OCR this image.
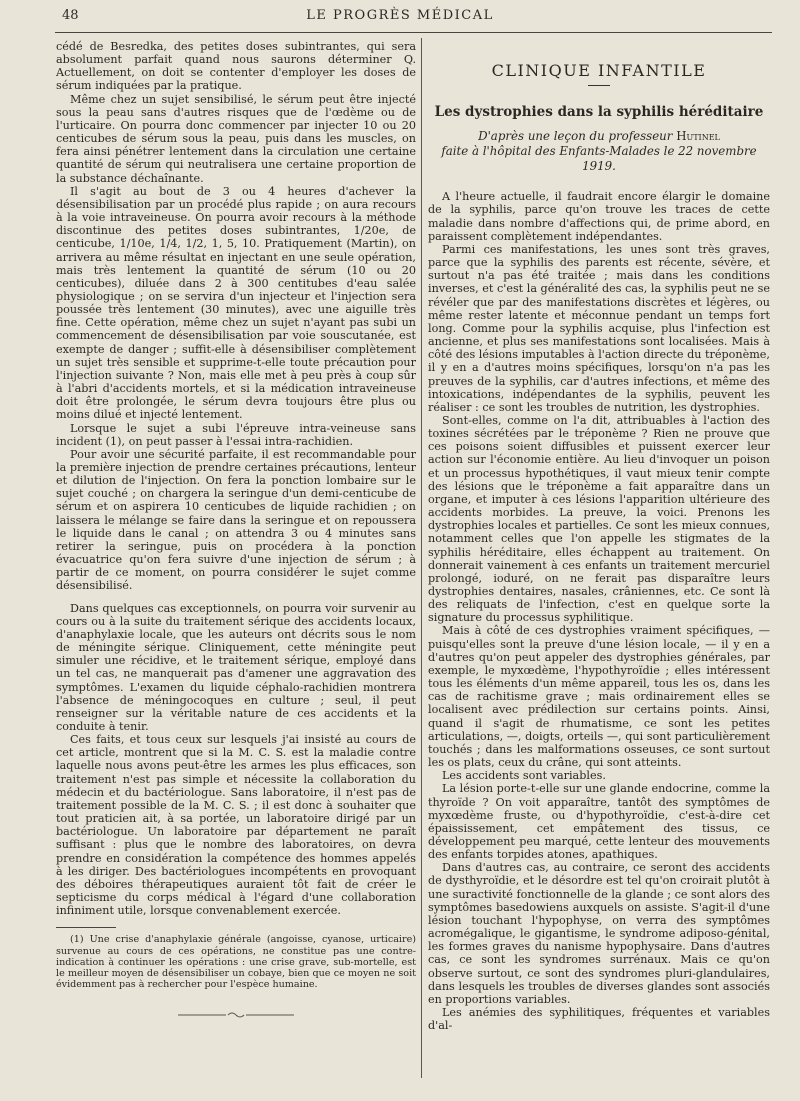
48	LE PROGRÈS MÉDICAL

cédé de Besredka, des petites doses subintrantes, qui sera absolument parfait quand nous saurons déterminer Q. Actuellement, on doit se contenter d'employer les doses de sérum indiquées par la pratique.

Même chez un sujet sensibilisé, le sérum peut être injecté sous la peau sans d'autres risques que de l'œdème ou de l'urticaire. On pourra donc commencer par injecter 10 ou 20 centicubes de sérum sous la peau, puis dans les muscles, on fera ainsi pénétrer lentement dans la circulation une certaine quantité de sérum qui neutralisera une certaine proportion de la substance déchaînante.

Il s'agit au bout de 3 ou 4 heures d'achever la désensibilisation par un procédé plus rapide ; on aura recours à la voie intraveineuse. On pourra avoir recours à la méthode discontinue des petites doses subintrantes, 1/20e, de centicube, 1/10e, 1/4, 1/2, 1, 5, 10. Pratiquement (Martin), on arrivera au même résultat en injectant en une seule opération, mais très lentement la quantité de sérum (10 ou 20 centicubes), diluée dans 2 à 300 centitubes d'eau salée physiologique ; on se servira d'un injecteur et l'injection sera poussée très lentement (30 minutes), avec une aiguille très fine. Cette opération, même chez un sujet n'ayant pas subi un commencement de désensibilisation par voie souscutanée, est exempte de danger ; suffit-elle à désensibiliser complètement un sujet très sensible et supprime-t-elle toute précaution pour l'injection suivante ? Non, mais elle met à peu près à coup sûr à l'abri d'accidents mortels, et si la médication intraveineuse doit être prolongée, le sérum devra toujours être plus ou moins dilué et injecté lentement.

Lorsque le sujet a subi l'épreuve intra-veineuse sans incident (1), on peut passer à l'essai intra-rachidien.

Pour avoir une sécurité parfaite, il est recommandable pour la première injection de prendre certaines précautions, lenteur et dilution de l'injection. On fera la ponction lombaire sur le sujet couché ; on chargera la seringue d'un demi-centicube de sérum et on aspirera 10 centicubes de liquide rachidien ; on laissera le mélange se faire dans la seringue et on repoussera le liquide dans le canal ; on attendra 3 ou 4 minutes sans retirer la seringue, puis on procédera à la ponction évacuatrice qu'on fera suivre d'une injection de sérum ; à partir de ce moment, on pourra considérer le sujet comme désensibilisé.

Dans quelques cas exceptionnels, on pourra voir survenir au cours ou à la suite du traitement sérique des accidents locaux, d'anaphylaxie locale, que les auteurs ont décrits sous le nom de méningite sérique. Cliniquement, cette méningite peut simuler une récidive, et le traitement sérique, employé dans un tel cas, ne manquerait pas d'amener une aggravation des symptômes. L'examen du liquide céphalo-rachidien montrera l'absence de méningocoques en culture ; seul, il peut renseigner sur la véritable nature de ces accidents et la conduite à tenir.

Ces faits, et tous ceux sur lesquels j'ai insisté au cours de cet article, montrent que si la M. C. S. est la maladie contre laquelle nous avons peut-être les armes les plus efficaces, son traitement n'est pas simple et nécessite la collaboration du médecin et du bactériologue. Sans laboratoire, il n'est pas de traitement possible de la M. C. S. ; il est donc à souhaiter que tout praticien ait, à sa portée, un laboratoire dirigé par un bactériologue. Un laboratoire par département ne paraît suffisant : plus que le nombre des laboratoires, on devra prendre en considération la compétence des hommes appelés à les diriger. Des bactériologues incompétents en provoquant des déboires thérapeutiques auraient tôt fait de créer le septicisme du corps médical à l'égard d'une collaboration infiniment utile, lorsque convenablement exercée.

(1) Une crise d'anaphylaxie générale (angoisse, cyanose, urticaire) survenue au cours de ces opérations, ne constitue pas une contre-indication à continuer les opérations : une crise grave, sub-mortelle, est le meilleur moyen de désensibiliser un cobaye, bien que ce moyen ne soit évidemment pas à rechercher pour l'espèce humaine.

CLINIQUE INFANTILE
Les dystrophies dans la syphilis héréditaire
D'après une leçon du professeur Hutinel
faite à l'hôpital des Enfants-Malades le 22 novembre 1919.

A l'heure actuelle, il faudrait encore élargir le domaine de la syphilis, parce qu'on trouve les traces de cette maladie dans nombre d'affections qui, de prime abord, en paraissent complètement indépendantes.

Parmi ces manifestations, les unes sont très graves, parce que la syphilis des parents est récente, sévère, et surtout n'a pas été traitée ; mais dans les conditions inverses, et c'est la généralité des cas, la syphilis peut ne se révéler que par des manifestations discrètes et légères, ou même rester latente et méconnue pendant un temps fort long. Comme pour la syphilis acquise, plus l'infection est ancienne, et plus ses manifestations sont localisées. Mais à côté des lésions imputables à l'action directe du tréponème, il y en a d'autres moins spécifiques, lorsqu'on n'a pas les preuves de la syphilis, car d'autres infections, et même des intoxications, indépendantes de la syphilis, peuvent les réaliser : ce sont les troubles de nutrition, les dystrophies.

Sont-elles, comme on l'a dit, attribuables à l'action des toxines sécrétées par le tréponème ? Rien ne prouve que ces poisons soient diffusibles et puissent exercer leur action sur l'économie entière. Au lieu d'invoquer un poison et un processus hypothétiques, il vaut mieux tenir compte des lésions que le tréponème a fait apparaître dans un organe, et imputer à ces lésions l'apparition ultérieure des accidents morbides. La preuve, la voici. Prenons les dystrophies locales et partielles. Ce sont les mieux connues, notamment celles que l'on appelle les stigmates de la syphilis héréditaire, elles échappent au traitement. On donnerait vainement à ces enfants un traitement mercuriel prolongé, ioduré, on ne ferait pas disparaître leurs dystrophies dentaires, nasales, crâniennes, etc. Ce sont là des reliquats de l'infection, c'est en quelque sorte la signature du processus syphilitique.

Mais à côté de ces dystrophies vraiment spécifiques, — puisqu'elles sont la preuve d'une lésion locale, — il y en a d'autres qu'on peut appeler des dystrophies générales, par exemple, le myxœdème, l'hypothyroïdie ; elles intéressent tous les éléments d'un même appareil, tous les os, dans les cas de rachitisme grave ; mais ordinairement elles se localisent avec prédilection sur certains points. Ainsi, quand il s'agit de rhumatisme, ce sont les petites articulations, —, doigts, orteils —, qui sont particulièrement touchés ; dans les malformations osseuses, ce sont surtout les os plats, ceux du crâne, qui sont atteints.

Les accidents sont variables.

La lésion porte-t-elle sur une glande endocrine, comme la thyroïde ? On voit apparaître, tantôt des symptômes de myxœdème fruste, ou d'hypothyroïdie, c'est-à-dire cet épaississement, cet empâtement des tissus, ce développement peu marqué, cette lenteur des mouvements des enfants torpides atones, apathiques.

Dans d'autres cas, au contraire, ce seront des accidents de dysthyroïdie, et le désordre est tel qu'on croirait plutôt à une suractivité fonctionnelle de la glande ; ce sont alors des symptômes basedowiens auxquels on assiste. S'agit-il d'une lésion touchant l'hypophyse, on verra des symptômes acromégalique, le gigantisme, le syndrome adiposo-génital, les formes graves du nanisme hypophysaire. Dans d'autres cas, ce sont les syndromes surrénaux. Mais ce qu'on observe surtout, ce sont des syndromes pluri-glandulaires, dans lesquels les troubles de diverses glandes sont associés en proportions variables.

Les anémies des syphilitiques, fréquentes et variables d'al-
